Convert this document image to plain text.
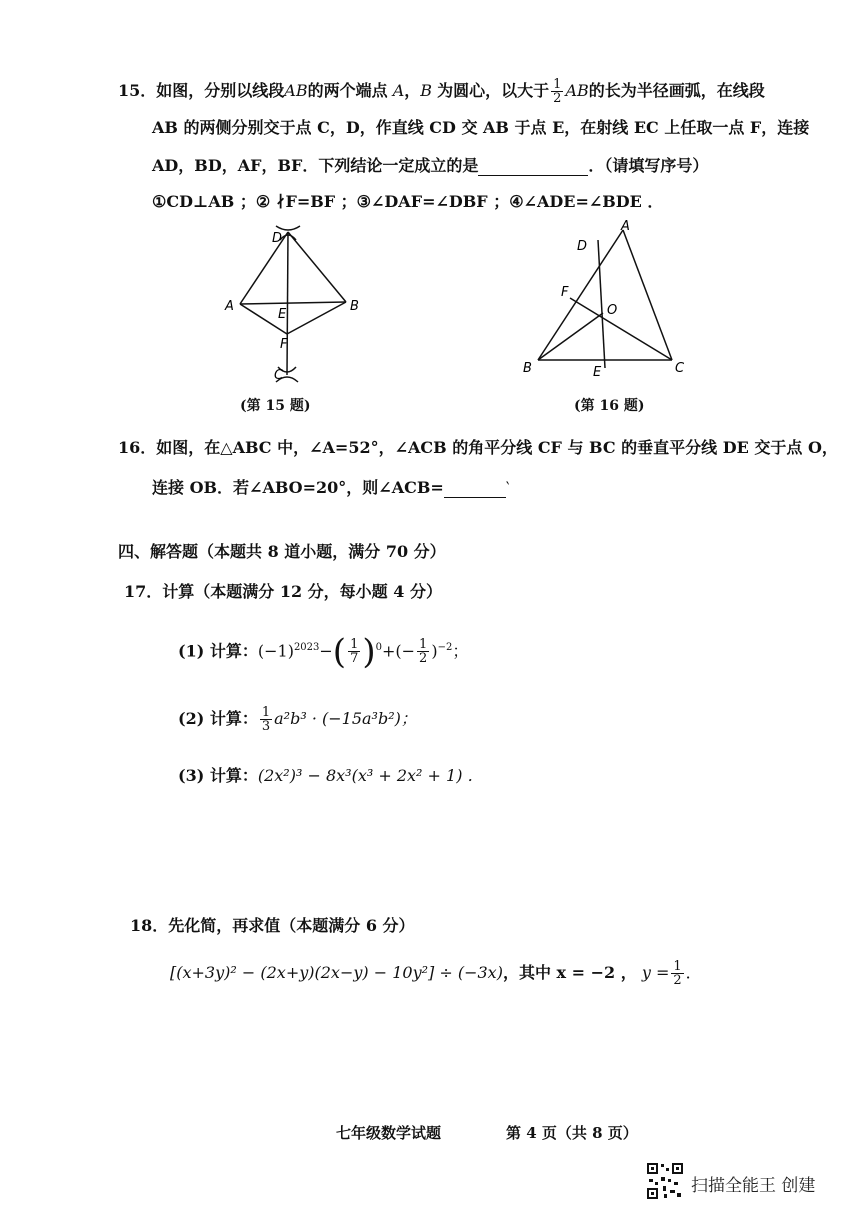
15．如图，分别以线段AB的两个端点 A，B 为圆心，以大于 $\frac{1}{2}$ AB的长为半径画弧，在线段
AB 的两侧分别交于点 C，D，作直线 CD 交 AB 于点 E，在射线 EC 上任取一点 F，连接
AD，BD，AF，BF．下列结论一定成立的是	．（请填写序号）
①CD⊥AB ；② ∤F=BF ；③∠DAF=∠DBF ；④∠ADE=∠BDE ．
D
A	B
E
F
C
(第 15 题)
D
A
F
O
B	E	C
(第 16 题)
16．如图，在△ABC 中，∠A=52°，∠ACB 的角平分线 CF 与 BC 的垂直平分线 DE 交于点 O，
连接 OB．若∠ABO=20°，则∠ACB=	‵
四、解答题（本题共 8 道小题，满分 70 分）
17．计算（本题满分 12 分，每小题 4 分）
(1) 计算：$(-1)^{2023}-( \frac{1}{7} )^0+(- \frac{1}{2} )^{-2}$；
(2) 计算： $\frac{1}{3} a^2b^3 \cdot (-15a^3b^2)$；
(3) 计算：(2x²)³ − 8x³(x³ + 2x² + 1) ．
18．先化简，再求值（本题满分 6 分）
[(x+3y)² − (2x+y)(2x−y) − 10y²] ÷ (−3x)，其中 x = −2 ， $y = \frac{1}{2}$ ．
七年级数学试题	第 4 页（共 8 页）
扫描全能王 创建
